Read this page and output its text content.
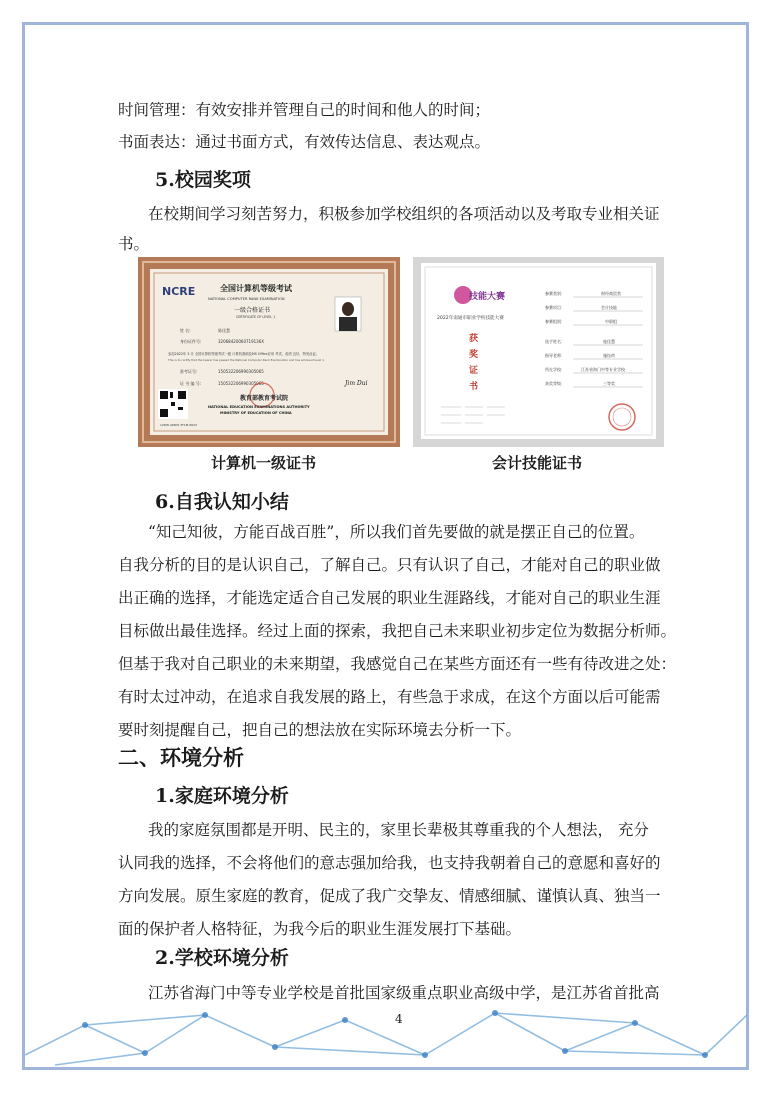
时间管理：有效安排并管理自己的时间和他人的时间；
书面表达：通过书面方式，有效传达信息、表达观点。
5.校园奖项
在校期间学习刻苦努力，积极参加学校组织的各项活动以及考取专业相关证
书。
NCRE	全国计算机等级考试
NATIONAL COMPUTER RANK EXAMINATION
一级合格证书
CERTIFICATE OF LEVEL 1
姓 名:	陈佳慧
身份证件号:	32068420060719136X
参加2022年 5 月 全国计算机等级考试一级 计算机基础及MS Office应用 考试，成绩 良好，特发此证。
This is to certify that the bearer has passed the National Computer Rank Examination and has achieved level 1.
准考证号:	150532206990305065
证 书 编 号:	150532206990305065	Jim Dui
教育部教育考试院
NATIONAL EDUCATION EXAMINATIONS AUTHORITY
MINISTRY OF EDUCATION OF CHINA
12DW APDW 3T1M 6023
计算机一级证书
技能大赛
2022年南通市职业学校技能大赛
获
奖
证
书
参赛类别：	财经商贸类
参赛项目：	会计技能
参赛组别：	中职组
选手姓名：	庞佳慧
指导老师：	施钰荷
所在学校：	江苏省海门中等专业学校
获奖等级：	三等奖
会计技能证书
6.自我认知小结
“知己知彼，方能百战百胜”，所以我们首先要做的就是摆正自己的位置。
自我分析的目的是认识自己，了解自己。只有认识了自己，才能对自己的职业做
出正确的选择，才能选定适合自己发展的职业生涯路线，才能对自己的职业生涯
目标做出最佳选择。经过上面的探索，我把自己未来职业初步定位为数据分析师。
但基于我对自己职业的未来期望，我感觉自己在某些方面还有一些有待改进之处：
有时太过冲动，在追求自我发展的路上，有些急于求成，在这个方面以后可能需
要时刻提醒自己，把自己的想法放在实际环境去分析一下。
二、环境分析
1.家庭环境分析
我的家庭氛围都是开明、民主的，家里长辈极其尊重我的个人想法， 充分
认同我的选择，不会将他们的意志强加给我，也支持我朝着自己的意愿和喜好的
方向发展。原生家庭的教育，促成了我广交挚友、情感细腻、谨慎认真、独当一
面的保护者人格特征，为我今后的职业生涯发展打下基础。
2.学校环境分析
江苏省海门中等专业学校是首批国家级重点职业高级中学，是江苏省首批高
4
